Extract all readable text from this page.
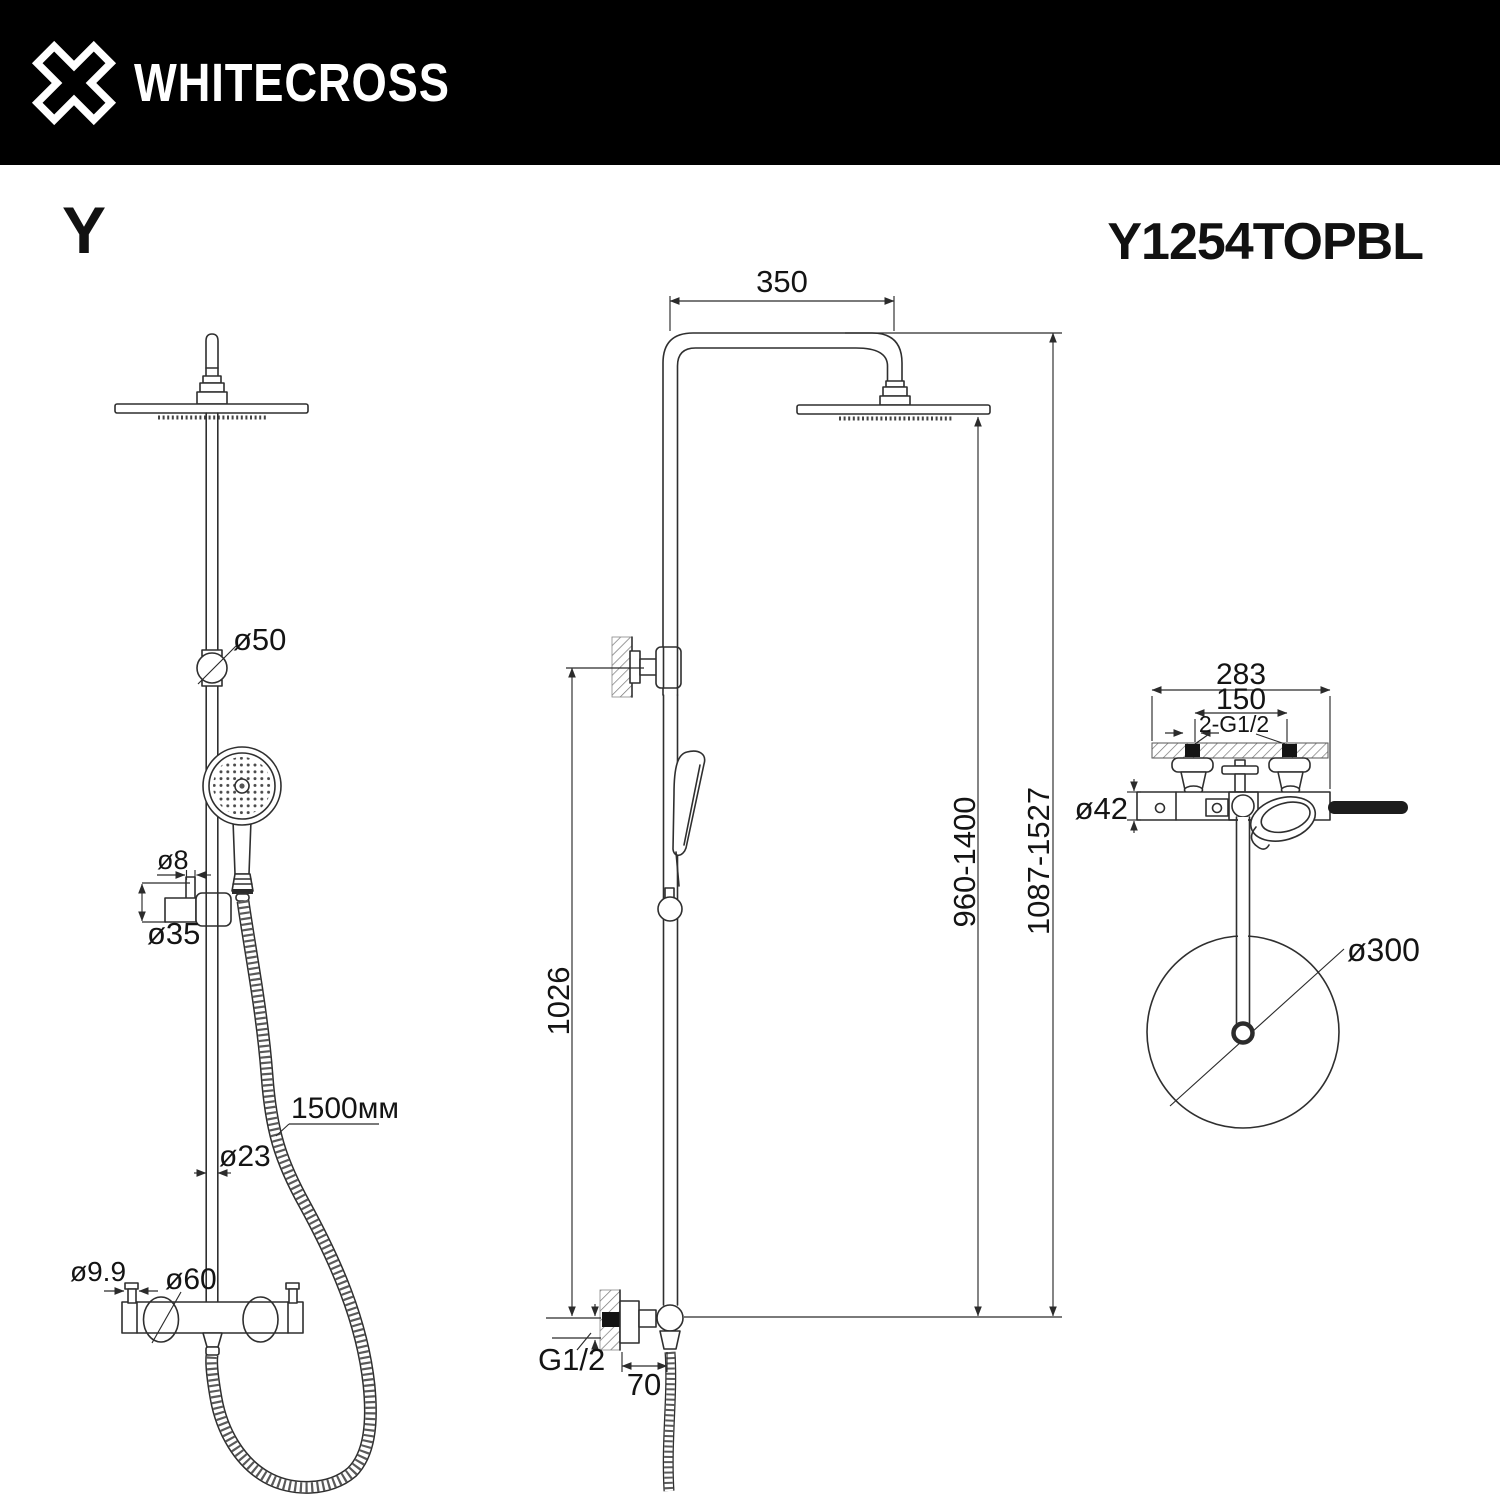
WHITECROSS
Y	Y1254TOPBL
ø50
ø8
ø35
1500мм
ø23
ø9.9 ø60
350
1026
960-1400 1087-1527
G1/2
70
283
150
2-G1/2
ø42
ø300
